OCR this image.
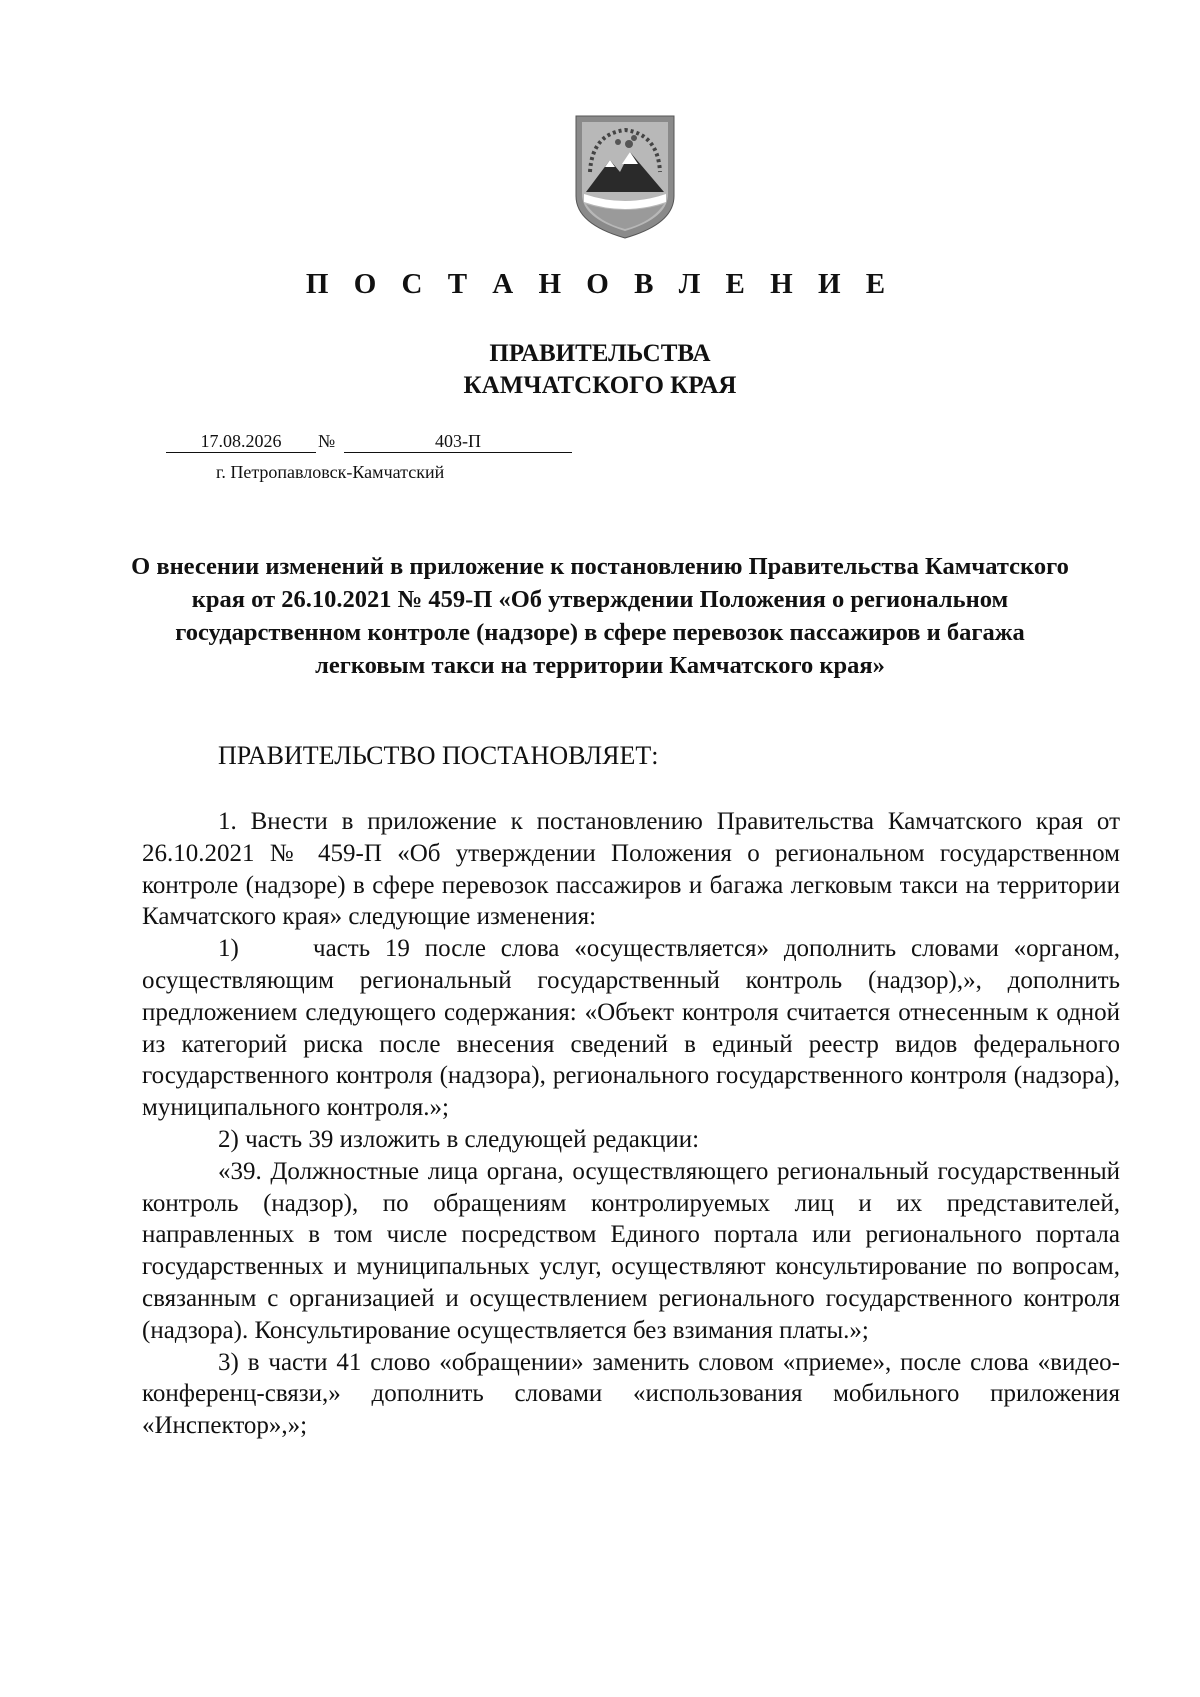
П О С Т А Н О В Л Е Н И Е
ПРАВИТЕЛЬСТВА
КАМЧАТСКОГО КРАЯ
17.08.2026	№	403-П
г. Петропавловск-Камчатский
О внесении изменений в приложение к постановлению Правительства Камчатского края от 26.10.2021 № 459-П «Об утверждении Положения о региональном государственном контроле (надзоре) в сфере перевозок пассажиров и багажа легковым такси на территории Камчатского края»
ПРАВИТЕЛЬСТВО ПОСТАНОВЛЯЕТ:

1. Внести в приложение к постановлению Правительства Камчатского края от 26.10.2021 № 459-П «Об утверждении Положения о региональном государственном контроле (надзоре) в сфере перевозок пассажиров и багажа легковым такси на территории Камчатского края» следующие изменения:

1)     часть 19 после слова «осуществляется» дополнить словами «органом, осуществляющим региональный государственный контроль (надзор),», дополнить предложением следующего содержания: «Объект контроля считается отнесенным к одной из категорий риска после внесения сведений в единый реестр видов федерального государственного контроля (надзора), регионального государственного контроля (надзора), муниципального контроля.»;

2) часть 39 изложить в следующей редакции:

«39. Должностные лица органа, осуществляющего региональный государственный контроль (надзор), по обращениям контролируемых лиц и их представителей, направленных в том числе посредством Единого портала или регионального портала государственных и муниципальных услуг, осуществляют консультирование по вопросам, связанным с организацией и осуществлением регионального государственного контроля (надзора). Консультирование осуществляется без взимания платы.»;

3) в части 41 слово «обращении» заменить словом «приеме», после слова «видео-конференц-связи,» дополнить словами «использования мобильного приложения «Инспектор»,»;
